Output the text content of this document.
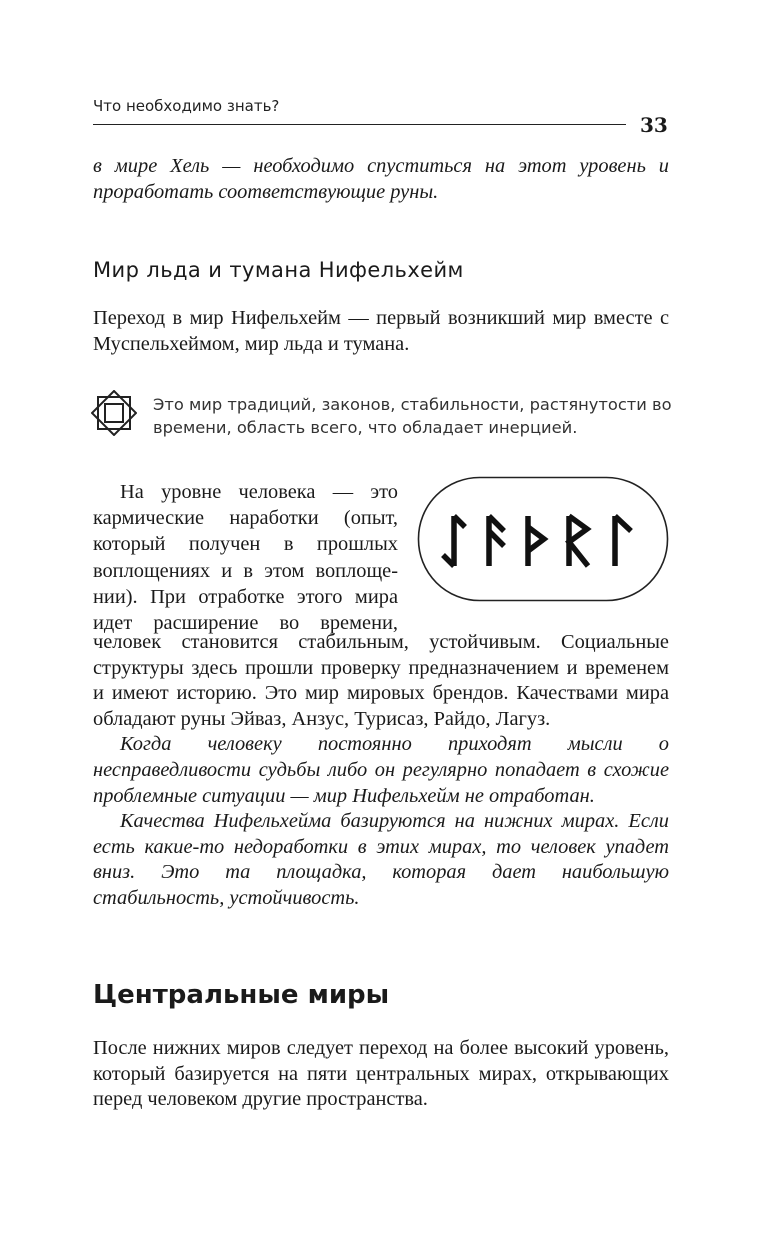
Что необходимо знать?
33

в мире Хель — необходимо спуститься на этот уровень и проработать соответствующие руны.

Мир льда и тумана Нифельхейм

Переход в мир Нифельхейм — первый возникший мир вместе с Муспельхеймом, мир льда и тумана.

Это мир традиций, законов, стабильности, растянутости во времени, область всего, что обладает инерцией.
На уровне человека — это
кармические наработки (опыт,
который получен в прошлых
воплощениях и в этом воплоще-
нии). При отработке этого мира
идет расширение во времени,

человек становится стабильным, устойчивым. Социальные структуры здесь прошли проверку предназначением и временем и имеют историю. Это мир мировых брендов. Качествами мира обладают руны Эйваз, Анзус, Турисаз, Райдо, Лагуз.

Когда человеку постоянно приходят мысли о несправедливости судьбы либо он регулярно попадает в схожие проблемные ситуации — мир Нифельхейм не отработан.

Качества Нифельхейма базируются на нижних мирах. Если есть какие-то недоработки в этих мирах, то человек упадет вниз. Это та площадка, которая дает наибольшую стабильность, устойчивость.

Центральные миры

После нижних миров следует переход на более высокий уровень, который базируется на пяти центральных мирах, открывающих перед человеком другие пространства.
